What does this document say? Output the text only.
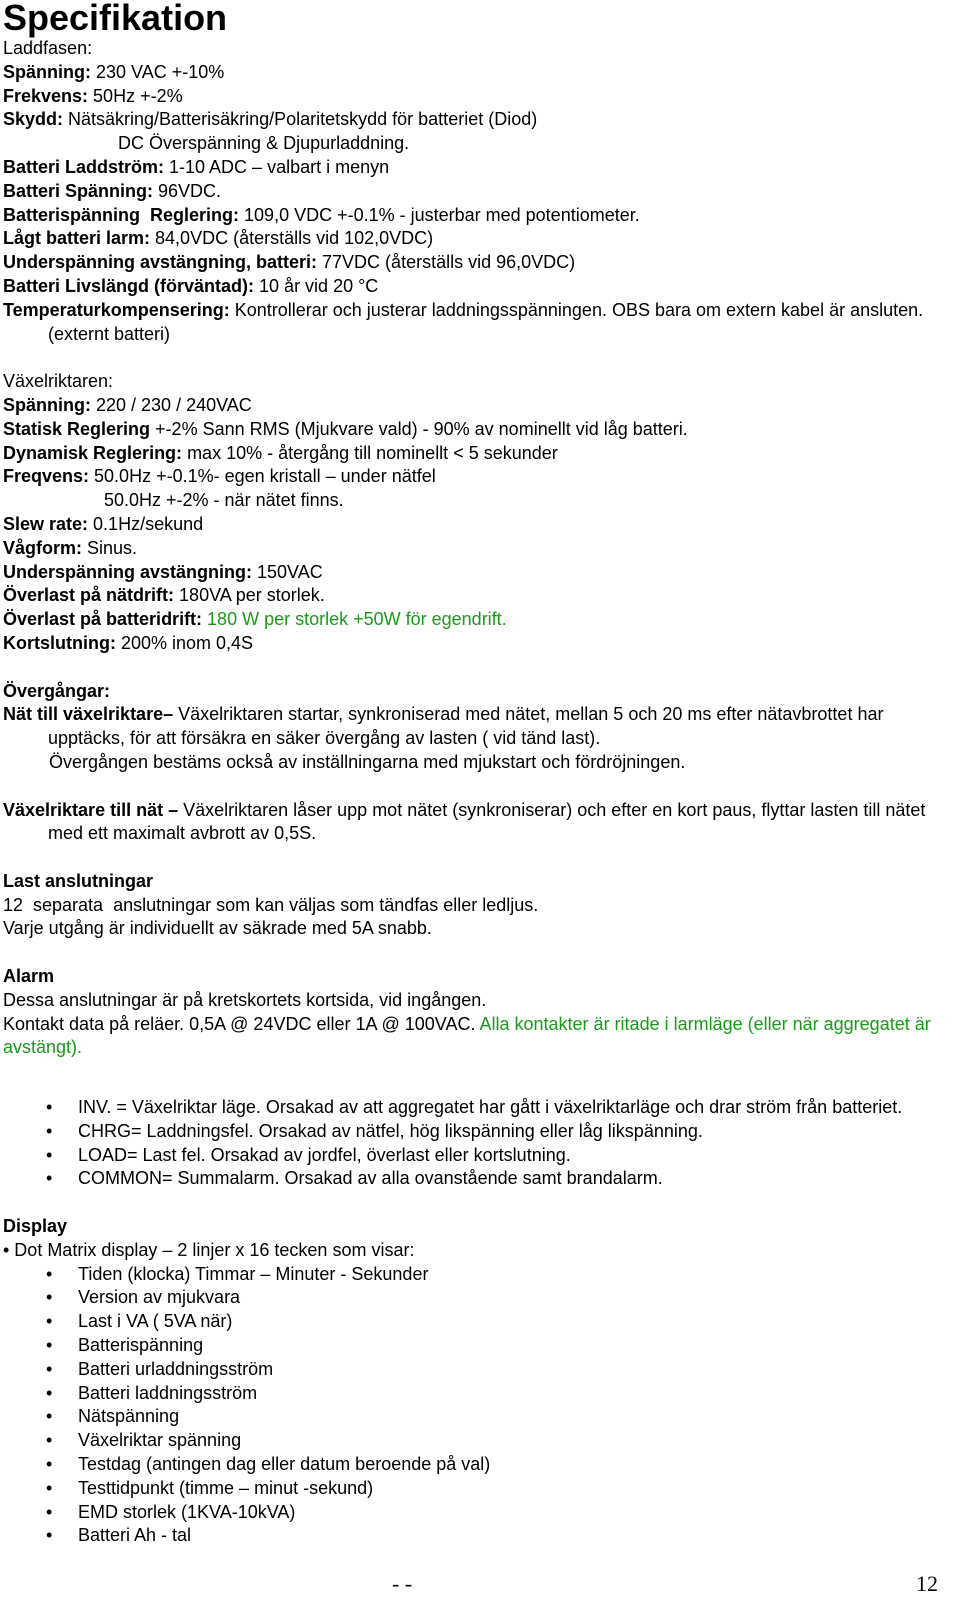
Specifikation
Laddfasen:
Spänning: 230 VAC +-10%
Frekvens: 50Hz +-2%
Skydd: Nätsäkring/Batterisäkring/Polaritetskydd för batteriet (Diod)
DC Överspänning & Djupurladdning.
Batteri Laddström: 1-10 ADC – valbart i menyn
Batteri Spänning: 96VDC.
Batterispänning  Reglering: 109,0 VDC +-0.1% - justerbar med potentiometer.
Lågt batteri larm: 84,0VDC (återställs vid 102,0VDC)
Underspänning avstängning, batteri: 77VDC (återställs vid 96,0VDC)
Batteri Livslängd (förväntad): 10 år vid 20 °C
Temperaturkompensering: Kontrollerar och justerar laddningsspänningen. OBS bara om extern kabel är ansluten. (externt batteri)
Växelriktaren:
Spänning: 220 / 230 / 240VAC
Statisk Reglering +-2% Sann RMS (Mjukvare vald) - 90% av nominellt vid låg batteri.
Dynamisk Reglering: max 10% - återgång till nominellt < 5 sekunder
Freqvens: 50.0Hz +-0.1%- egen kristall – under nätfel
50.0Hz +-2% - när nätet finns.
Slew rate: 0.1Hz/sekund
Vågform: Sinus.
Underspänning avstängning: 150VAC
Överlast på nätdrift: 180VA per storlek.
Överlast på batteridrift: 180 W per storlek +50W för egendrift.
Kortslutning: 200% inom 0,4S
Övergångar:
Nät till växelriktare– Växelriktaren startar, synkroniserad med nätet, mellan 5 och 20 ms efter nätavbrottet har upptäcks, för att försäkra en säker övergång av lasten ( vid tänd last).
Övergången bestäms också av inställningarna med mjukstart och fördröjningen.
Växelriktare till nät – Växelriktaren låser upp mot nätet (synkroniserar) och efter en kort paus, flyttar lasten till nätet med ett maximalt avbrott av 0,5S.
Last anslutningar
12  separata  anslutningar som kan väljas som tändfas eller ledljus.
Varje utgång är individuellt av säkrade med 5A snabb.
Alarm
Dessa anslutningar är på kretskortets kortsida, vid ingången.
Kontakt data på reläer. 0,5A @ 24VDC eller 1A @ 100VAC. Alla kontakter är ritade i larmläge (eller när aggregatet är avstängt).
• INV. = Växelriktar läge. Orsakad av att aggregatet har gått i växelriktarläge och drar ström från batteriet.
• CHRG= Laddningsfel. Orsakad av nätfel, hög likspänning eller låg likspänning.
• LOAD= Last fel. Orsakad av jordfel, överlast eller kortslutning.
• COMMON= Summalarm. Orsakad av alla ovanstående samt brandalarm.
Display
• Dot Matrix display – 2 linjer x 16 tecken som visar:
• Tiden (klocka) Timmar – Minuter - Sekunder
• Version av mjukvara
• Last i VA ( 5VA när)
• Batterispänning
• Batteri urladdningsström
• Batteri laddningsström
• Nätspänning
• Växelriktar spänning
• Testdag (antingen dag eller datum beroende på val)
• Testtidpunkt (timme – minut -sekund)
• EMD storlek (1KVA-10kVA)
• Batteri Ah - tal
- -	12
